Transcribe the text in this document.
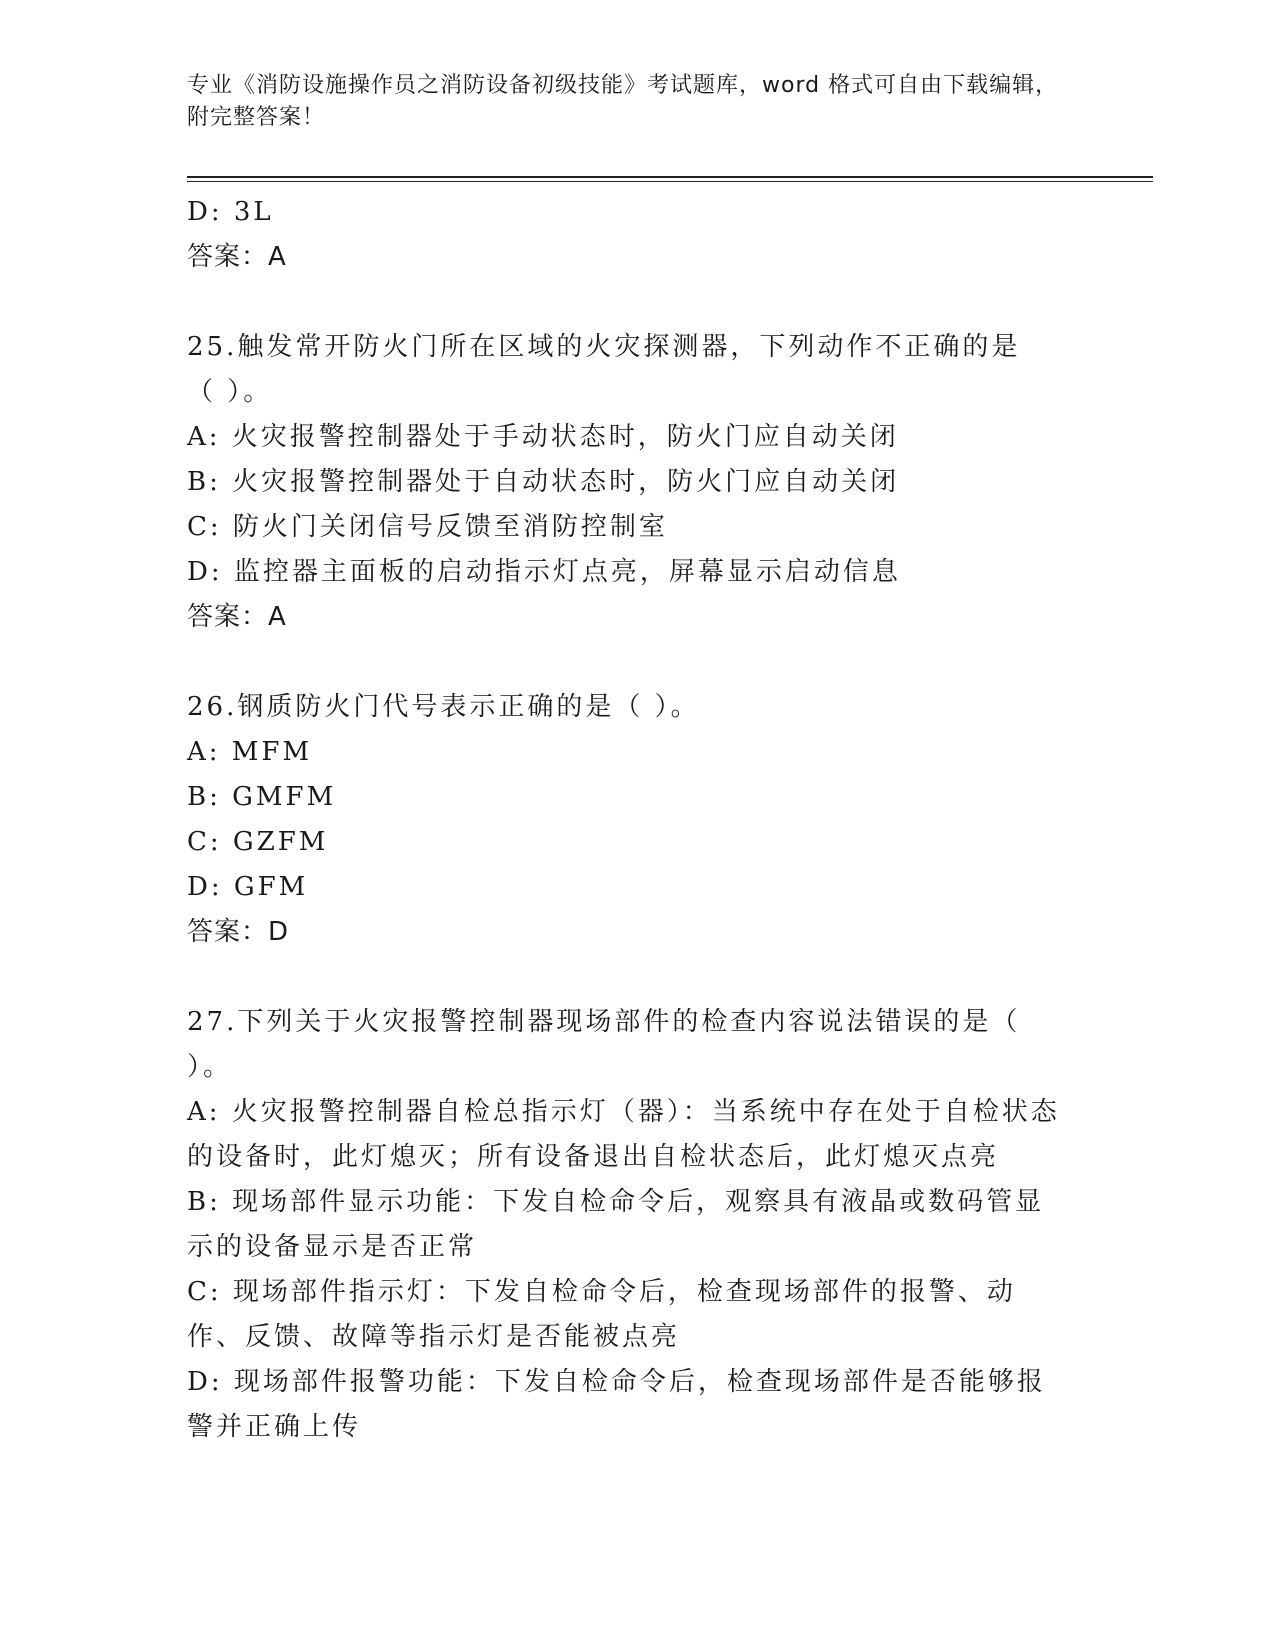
专业《消防设施操作员之消防设备初级技能》考试题库，word 格式可自由下载编辑，附完整答案！
D: 3L
答案：A
25.触发常开防火门所在区域的火灾探测器，下列动作不正确的是（ ）。
A: 火灾报警控制器处于手动状态时，防火门应自动关闭
B: 火灾报警控制器处于自动状态时，防火门应自动关闭
C: 防火门关闭信号反馈至消防控制室
D: 监控器主面板的启动指示灯点亮，屏幕显示启动信息
答案：A
26.钢质防火门代号表示正确的是（ ）。
A: MFM
B: GMFM
C: GZFM
D: GFM
答案：D
27.下列关于火灾报警控制器现场部件的检查内容说法错误的是（ ）。
A: 火灾报警控制器自检总指示灯（器）：当系统中存在处于自检状态的设备时，此灯熄灭；所有设备退出自检状态后，此灯熄灭点亮
B: 现场部件显示功能：下发自检命令后，观察具有液晶或数码管显示的设备显示是否正常
C: 现场部件指示灯：下发自检命令后，检查现场部件的报警、动作、反馈、故障等指示灯是否能被点亮
D: 现场部件报警功能：下发自检命令后，检查现场部件是否能够报警并正确上传
